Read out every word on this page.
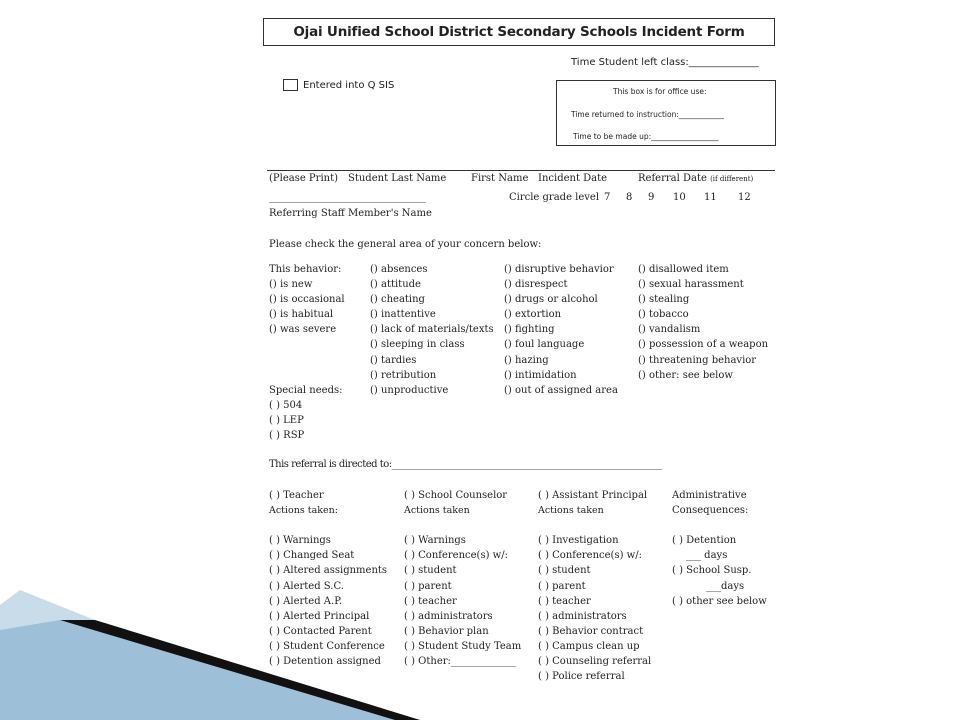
Ojai Unified School District Secondary Schools Incident Form
Time Student left class:______________
Entered into Q SIS
This box is for office use:
Time returned to instruction:____________
Time to be made up:__________________
(Please Print) Student Last Name First Name Incident Date	Referral Date (if different)
_______________________________________	Circle grade level 7 8 9 10 11 12
Referring Staff Member's Name
Please check the general area of your concern below:
This behavior:
() is new
() is occasional
() is habitual
() was severe
Special needs:
( ) 504
( ) LEP
( ) RSP
() absences
() attitude
() cheating
() inattentive
() lack of materials/texts
() sleeping in class
() tardies
() retribution
() unproductive
() disruptive behavior
() disrespect
() drugs or alcohol
() extortion
() fighting
() foul language
() hazing
() intimidation
() out of assigned area
() disallowed item
() sexual harassment
() stealing
() tobacco
() vandalism
() possession of a weapon
() threatening behavior
() other: see below
This referral is directed to:____________________________________________________________
( ) Teacher
Actions taken:
( ) Warnings
( ) Changed Seat
( ) Altered assignments
( ) Alerted S.C.
( ) Alerted A.P.
( ) Alerted Principal
( ) Contacted Parent
( ) Student Conference
( ) Detention assigned
( ) School Counselor
Actions taken
( ) Warnings
( ) Conference(s) w/:
( ) student
( ) parent
( ) teacher
( ) administrators
( ) Behavior plan
( ) Student Study Team
( ) Other:_____________
( ) Assistant Principal
Actions taken
( ) Investigation
( ) Conference(s) w/:
( ) student
( ) parent
( ) teacher
( ) administrators
( ) Behavior contract
( ) Campus clean up
( ) Counseling referral
( ) Police referral
Administrative
Consequences:
( ) Detention
___ days
( ) School Susp.
___days
( ) other see below
